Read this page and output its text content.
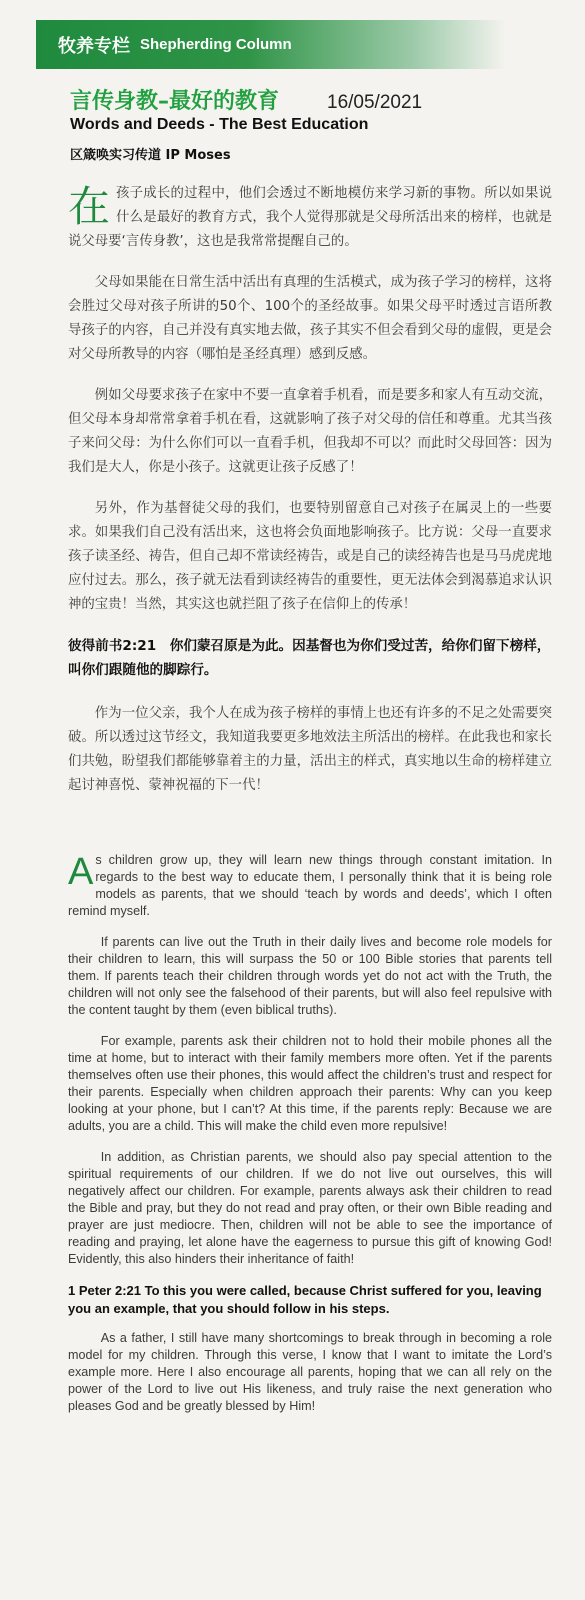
牧养专栏 Shepherding Column
言传身教–最好的教育	16/05/2021
Words and Deeds - The Best Education
区箴唤实习传道 IP Moses

在孩子成长的过程中，他们会透过不断地模仿来学习新的事物。所以如果说什么是最好的教育方式，我个人觉得那就是父母所活出来的榜样，也就是说父母要‘言传身教’，这也是我常常提醒自己的。

父母如果能在日常生活中活出有真理的生活模式，成为孩子学习的榜样，这将会胜过父母对孩子所讲的50个、100个的圣经故事。如果父母平时透过言语所教导孩子的内容，自己并没有真实地去做，孩子其实不但会看到父母的虚假，更是会对父母所教导的内容（哪怕是圣经真理）感到反感。

例如父母要求孩子在家中不要一直拿着手机看，而是要多和家人有互动交流，但父母本身却常常拿着手机在看，这就影响了孩子对父母的信任和尊重。尤其当孩子来问父母：为什么你们可以一直看手机，但我却不可以？而此时父母回答：因为我们是大人，你是小孩子。这就更让孩子反感了！

另外，作为基督徒父母的我们，也要特别留意自己对孩子在属灵上的一些要求。如果我们自己没有活出来，这也将会负面地影响孩子。比方说：父母一直要求孩子读圣经、祷告，但自己却不常读经祷告，或是自己的读经祷告也是马马虎虎地应付过去。那么，孩子就无法看到读经祷告的重要性，更无法体会到渴慕追求认识神的宝贵！当然，其实这也就拦阻了孩子在信仰上的传承！

彼得前书2:21　你们蒙召原是为此。因基督也为你们受过苦，给你们留下榜样，叫你们跟随他的脚踪行。

作为一位父亲，我个人在成为孩子榜样的事情上也还有许多的不足之处需要突破。所以透过这节经文，我知道我要更多地效法主所活出的榜样。在此我也和家长们共勉，盼望我们都能够靠着主的力量，活出主的样式，真实地以生命的榜样建立起讨神喜悦、蒙神祝福的下一代！

As children grow up, they will learn new things through constant imitation. In regards to the best way to educate them, I personally think that it is being role models as parents, that we should ‘teach by words and deeds’, which I often remind myself.

If parents can live out the Truth in their daily lives and become role models for their children to learn, this will surpass the 50 or 100 Bible stories that parents tell them. If parents teach their children through words yet do not act with the Truth, the children will not only see the falsehood of their parents, but will also feel repulsive with the content taught by them (even biblical truths).

For example, parents ask their children not to hold their mobile phones all the time at home, but to interact with their family members more often. Yet if the parents themselves often use their phones, this would affect the children’s trust and respect for their parents. Especially when children approach their parents: Why can you keep looking at your phone, but I can’t? At this time, if the parents reply: Because we are adults, you are a child. This will make the child even more repulsive!

In addition, as Christian parents, we should also pay special attention to the spiritual requirements of our children. If we do not live out ourselves, this will negatively affect our children. For example, parents always ask their children to read the Bible and pray, but they do not read and pray often, or their own Bible reading and prayer are just mediocre. Then, children will not be able to see the importance of reading and praying, let alone have the eagerness to pursue this gift of knowing God! Evidently, this also hinders their inheritance of faith!

1 Peter 2:21 To this you were called, because Christ suffered for you, leaving you an example, that you should follow in his steps.

As a father, I still have many shortcomings to break through in becoming a role model for my children. Through this verse, I know that I want to imitate the Lord’s example more. Here I also encourage all parents, hoping that we can all rely on the power of the Lord to live out His likeness, and truly raise the next generation who pleases God and be greatly blessed by Him!
